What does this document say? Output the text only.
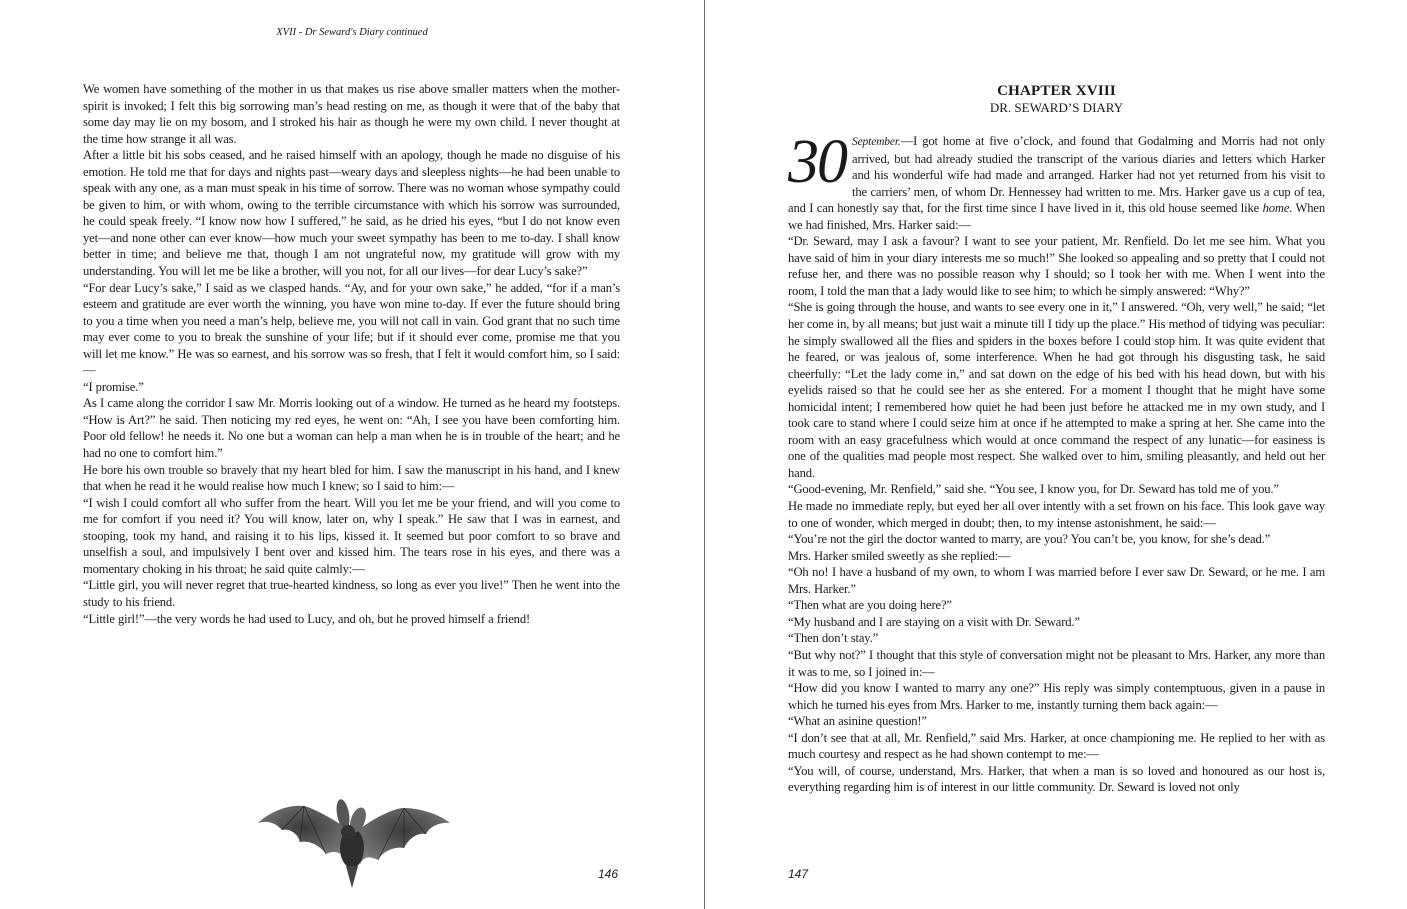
XVII - Dr Seward's Diary continued

We women have something of the mother in us that makes us rise above smaller matters when the mother-spirit is invoked; I felt this big sorrowing man’s head resting on me, as though it were that of the baby that some day may lie on my bosom, and I stroked his hair as though he were my own child. I never thought at the time how strange it all was.

After a little bit his sobs ceased, and he raised himself with an apology, though he made no disguise of his emotion. He told me that for days and nights past—weary days and sleepless nights—he had been unable to speak with any one, as a man must speak in his time of sorrow. There was no woman whose sympathy could be given to him, or with whom, owing to the terrible circumstance with which his sorrow was surrounded, he could speak freely. “I know now how I suffered,” he said, as he dried his eyes, “but I do not know even yet—and none other can ever know—how much your sweet sympathy has been to me to-day. I shall know better in time; and believe me that, though I am not ungrateful now, my gratitude will grow with my understanding. You will let me be like a brother, will you not, for all our lives—for dear Lucy’s sake?”

“For dear Lucy’s sake,” I said as we clasped hands. “Ay, and for your own sake,” he added, “for if a man’s esteem and gratitude are ever worth the winning, you have won mine to-day. If ever the future should bring to you a time when you need a man’s help, believe me, you will not call in vain. God grant that no such time may ever come to you to break the sunshine of your life; but if it should ever come, promise me that you will let me know.” He was so earnest, and his sorrow was so fresh, that I felt it would comfort him, so I said:—

“I promise.”

As I came along the corridor I saw Mr. Morris looking out of a window. He turned as he heard my footsteps. “How is Art?” he said. Then noticing my red eyes, he went on: “Ah, I see you have been comforting him. Poor old fellow! he needs it. No one but a woman can help a man when he is in trouble of the heart; and he had no one to comfort him.”

He bore his own trouble so bravely that my heart bled for him. I saw the manuscript in his hand, and I knew that when he read it he would realise how much I knew; so I said to him:—

“I wish I could comfort all who suffer from the heart. Will you let me be your friend, and will you come to me for comfort if you need it? You will know, later on, why I speak.” He saw that I was in earnest, and stooping, took my hand, and raising it to his lips, kissed it. It seemed but poor comfort to so brave and unselfish a soul, and impulsively I bent over and kissed him. The tears rose in his eyes, and there was a momentary choking in his throat; he said quite calmly:—

“Little girl, you will never regret that true-hearted kindness, so long as ever you live!” Then he went into the study to his friend.

“Little girl!”—the very words he had used to Lucy, and oh, but he proved himself a friend!

146
CHAPTER XVIII
DR. SEWARD’S DIARY

30 September.—I got home at five o’clock, and found that Godalming and Morris had not only arrived, but had already studied the transcript of the various diaries and letters which Harker and his wonderful wife had made and arranged. Harker had not yet returned from his visit to the carriers’ men, of whom Dr. Hennessey had written to me. Mrs. Harker gave us a cup of tea, and I can honestly say that, for the first time since I have lived in it, this old house seemed like home. When we had finished, Mrs. Harker said:—

“Dr. Seward, may I ask a favour? I want to see your patient, Mr. Renfield. Do let me see him. What you have said of him in your diary interests me so much!” She looked so appealing and so pretty that I could not refuse her, and there was no possible reason why I should; so I took her with me. When I went into the room, I told the man that a lady would like to see him; to which he simply answered: “Why?”

“She is going through the house, and wants to see every one in it,” I answered. “Oh, very well,” he said; “let her come in, by all means; but just wait a minute till I tidy up the place.” His method of tidying was peculiar: he simply swallowed all the flies and spiders in the boxes before I could stop him. It was quite evident that he feared, or was jealous of, some interference. When he had got through his disgusting task, he said cheerfully: “Let the lady come in,” and sat down on the edge of his bed with his head down, but with his eyelids raised so that he could see her as she entered. For a moment I thought that he might have some homicidal intent; I remembered how quiet he had been just before he attacked me in my own study, and I took care to stand where I could seize him at once if he attempted to make a spring at her. She came into the room with an easy gracefulness which would at once command the respect of any lunatic—for easiness is one of the qualities mad people most respect. She walked over to him, smiling pleasantly, and held out her hand.

“Good-evening, Mr. Renfield,” said she. “You see, I know you, for Dr. Seward has told me of you.”

He made no immediate reply, but eyed her all over intently with a set frown on his face. This look gave way to one of wonder, which merged in doubt; then, to my intense astonishment, he said:—

“You’re not the girl the doctor wanted to marry, are you? You can’t be, you know, for she’s dead.”

Mrs. Harker smiled sweetly as she replied:—

“Oh no! I have a husband of my own, to whom I was married before I ever saw Dr. Seward, or he me. I am Mrs. Harker.”

“Then what are you doing here?”

“My husband and I are staying on a visit with Dr. Seward.”

“Then don’t stay.”

“But why not?” I thought that this style of conversation might not be pleasant to Mrs. Harker, any more than it was to me, so I joined in:—

“How did you know I wanted to marry any one?” His reply was simply contemptuous, given in a pause in which he turned his eyes from Mrs. Harker to me, instantly turning them back again:—

“What an asinine question!”

“I don’t see that at all, Mr. Renfield,” said Mrs. Harker, at once championing me. He replied to her with as much courtesy and respect as he had shown contempt to me:—

“You will, of course, understand, Mrs. Harker, that when a man is so loved and honoured as our host is, everything regarding him is of interest in our little community. Dr. Seward is loved not only

147
